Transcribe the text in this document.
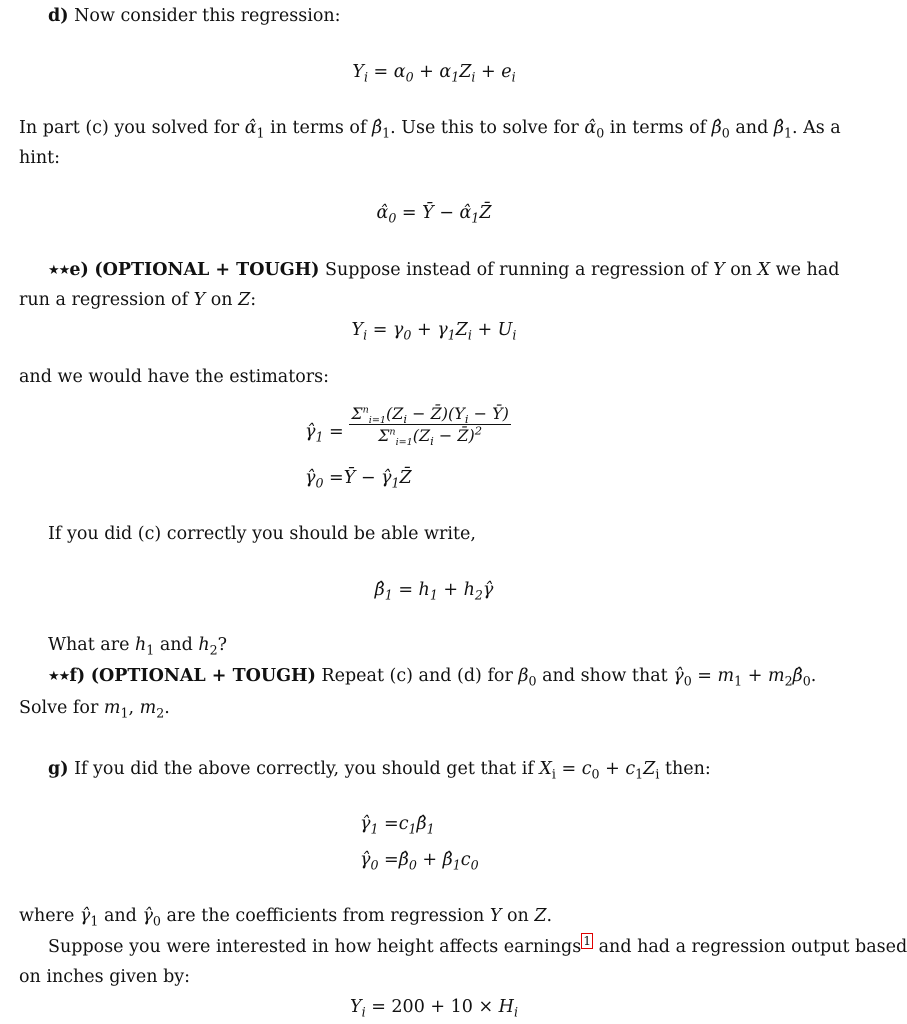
d) Now consider this regression:
$Y_i = \alpha_0 + \alpha_1Z_i + e_i$
In part (c) you solved for $\alphâ_1$ in terms of $\betâ_1$. Use this to solve for $\alphâ_0$ in terms of $\betâ_0$ and $\betâ_1$. As a
hint:
$\alphâ_0$ = Ȳ − $\alphâ_1Z̄$
★★e) (OPTIONAL + TOUGH) Suppose instead of running a regression of Y on X we had
run a regression of Y on Z:
$Y_i = \gamma_0 + \gamma_1Z_i + U_i$
and we would have the estimators:
$\gammâ_1 = \frac{\Sigma^n_{i=1}(Z_i - Z̄)(Y_i - Ȳ)}{\Sigma^n_{i=1}(Z_i - Z̄)^2}$
$\gammâ_0$ =Ȳ − $\gammâ_1Z̄$
If you did (c) correctly you should be able write,
$\betâ_1 = h_1$ + $h_2\gammâ$
What are $h_1$ and $h_2$?
★★f) (OPTIONAL + TOUGH) Repeat (c) and (d) for $\beta_0$ and show that $\gammâ_0 = m_1$ + $m_2\betâ_0$.
Solve for $m_1$, $m_2$.
g) If you did the above correctly, you should get that if $X_i = c_0 + c_1Z_i$ then:
$\gammâ_1$ $=c_1\betâ_1$
$\gammâ_0$ $=\betâ_0$ + $\betâ_1c_0$
where $\gammâ_1$ and $\gammâ_0$ are the coefficients from regression Y on Z.
Suppose you were interested in how height affects earnings $^1$ and had a regression output based
on inches given by:
$Y_i = 200 + 10 \times H_i$
